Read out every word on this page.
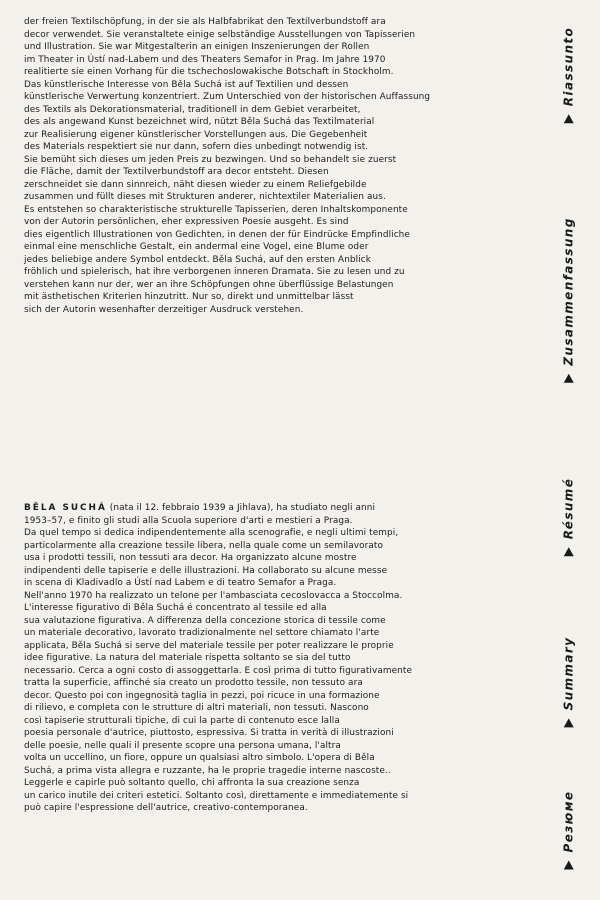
der freien Textilschöpfung, in der sie als Halbfabrikat den Textilverbundstoff ara
decor verwendet. Sie veranstaltete einige selbständige Ausstellungen von Tapisserien
und Illustration. Sie war Mitgestalterin an einigen Inszenierungen der Rollen
im Theater in Ústí nad-Labem und des Theaters Semafor in Prag. Im Jahre 1970
realitierte sie einen Vorhang für die tschechoslowakische Botschaft in Stockholm.
Das künstlerische Interesse von Běla Suchá ist auf Textilien und dessen
künstlerische Verwertung konzentriert. Zum Unterschied von der historischen Auffassung
des Textils als Dekorationsmaterial, traditionell in dem Gebiet verarbeitet,
des als angewand Kunst bezeichnet wird, nützt Běla Suchá das Textilmaterial
zur Realisierung eigener künstlerischer Vorstellungen aus. Die Gegebenheit
des Materials respektiert sie nur dann, sofern dies unbedingt notwendig ist.
Sie bemüht sich dieses um jeden Preis zu bezwingen. Und so behandelt sie zuerst
die Fläche, damit der Textilverbundstoff ara decor entsteht. Diesen
zerschneidet sie dann sinnreich, näht diesen wieder zu einem Reliefgebilde
zusammen und füllt dieses mit Strukturen anderer, nichtextiler Materialien aus.
Es entstehen so charakteristische strukturelle Tapisserien, deren Inhaltskomponente
von der Autorin persönlichen, eher expressiven Poesie ausgeht. Es sind
dies eigentlich Illustrationen von Gedichten, in denen der für Eindrücke Empfindliche
einmal eine menschliche Gestalt, ein andermal eine Vogel, eine Blume oder
jedes beliebige andere Symbol entdeckt. Běla Suchá, auf den ersten Anblick
fröhlich und spielerisch, hat ihre verborgenen inneren Dramata. Sie zu lesen und zu
verstehen kann nur der, wer an ihre Schöpfungen ohne überflüssige Belastungen
mit ästhetischen Kriterien hinzutritt. Nur so, direkt und unmittelbar lässt
sich der Autorin wesenhafter derzeitiger Ausdruck verstehen.
BĚLA SUCHÁ (nata il 12. febbraio 1939 a Jihlava), ha studiato negli anni
1953–57, e finito gli studi alla Scuola superiore d'arti e mestieri a Praga.
Da quel tempo si dedica indipendentemente alla scenografie, e negli ultimi tempi,
particolarmente alla creazione tessile libera, nella quale come un semilavorato
usa i prodotti tessili, non tessuti ara decor. Ha organizzato alcune mostre
indipendenti delle tapiserie e delle illustrazioni. Ha collaborato su alcune messe
in scena di Kladivadlo a Ústí nad Labem e di teatro Semafor a Praga.
Nell'anno 1970 ha realizzato un telone per l'ambasciata cecoslovacca a Stoccolma.
L'interesse figurativo di Běla Suchá é concentrato al tessile ed alla
sua valutazione figurativa. A differenza della concezione storica di tessile come
un materiale decorativo, lavorato tradizionalmente nel settore chiamato l'arte
applicata, Běla Suchá si serve del materiale tessile per poter realizzare le proprie
idee figurative. La natura del materiale rispetta soltanto se sia del tutto
necessario. Cerca a ogni costo di assoggettarla. E così prima di tutto figurativamente
tratta la superficie, affinché sia creato un prodotto tessile, non tessuto ara
decor. Questo poi con ingegnosità taglia in pezzi, poi ricuce in una formazione
di rilievo, e completa con le strutture di altri materiali, non tessuti. Nascono
così tapiserie strutturali tipiche, di cui la parte di contenuto esce lalla
poesia personale d'autrice, piuttosto, espressiva. Si tratta in verità di illustrazioni
delle poesie, nelle quali il presente scopre una persona umana, l'altra
volta un uccellino, un fiore, oppure un qualsiasi altro simbolo. L'opera di Běla
Suchá, a prima vista allegra e ruzzante, ha le proprie tragedie interne nascoste..
Leggerle e capirle può soltanto quello, chi affronta la sua creazione senza
un carico inutile dei criteri estetici. Soltanto così, direttamente e immediatemente si
può capire l'espressione dell'autrice, creativo-contemporanea.
Riassunto
Zusammenfassung
Résumé
Summary
Резюме
